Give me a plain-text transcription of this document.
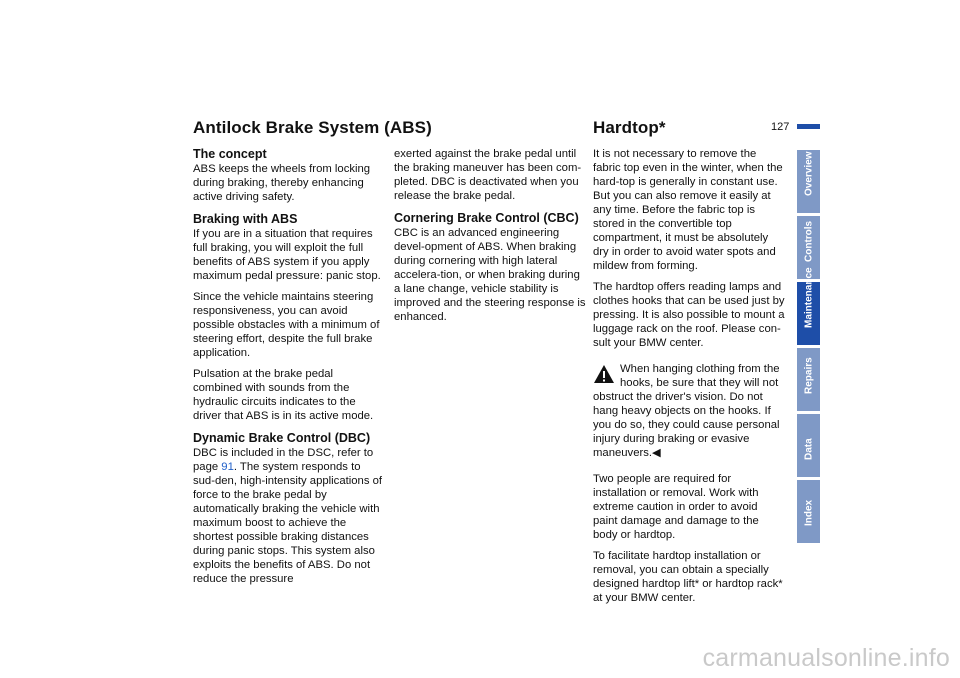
Antilock Brake System (ABS)	Hardtop*	127
The concept

ABS keeps the wheels from locking during braking, thereby enhancing active driving safety.

Braking with ABS

If you are in a situation that requires full braking, you will exploit the full benefits of ABS system if you apply maximum pedal pressure: panic stop.

Since the vehicle maintains steering responsiveness, you can avoid possible obstacles with a minimum of steering effort, despite the full brake application.

Pulsation at the brake pedal combined with sounds from the hydraulic circuits indicates to the driver that ABS is in its active mode.

Dynamic Brake Control (DBC)

DBC is included in the DSC, refer to page 91. The system responds to sud-den, high-intensity applications of force to the brake pedal by automatically braking the vehicle with maximum boost to achieve the shortest possible braking distances during panic stops. This system also exploits the benefits of ABS. Do not reduce the pressure

exerted against the brake pedal until the braking maneuver has been com-pleted. DBC is deactivated when you release the brake pedal.

Cornering Brake Control (CBC)

CBC is an advanced engineering devel-opment of ABS. When braking during cornering with high lateral accelera-tion, or when braking during a lane change, vehicle stability is improved and the steering response is enhanced.

It is not necessary to remove the fabric top even in the winter, when the hard-top is generally in constant use. But you can also remove it easily at any time. Before the fabric top is stored in the convertible top compartment, it must be absolutely dry in order to avoid water spots and mildew from forming.

The hardtop offers reading lamps and clothes hooks that can be used just by pressing. It is also possible to mount a luggage rack on the roof. Please con-sult your BMW center.

When hanging clothing from the
hooks, be sure that they will not
obstruct the driver's vision. Do not hang heavy objects on the hooks. If you do so, they could cause personal injury during braking or evasive maneuvers.◀

Two people are required for installation or removal. Work with extreme caution in order to avoid paint damage and damage to the body or hardtop.

To facilitate hardtop installation or removal, you can obtain a specially designed hardtop lift* or hardtop rack* at your BMW center.

Overview
Controls
Maintenance
Repairs
Data
Index
carmanualsonline.info
